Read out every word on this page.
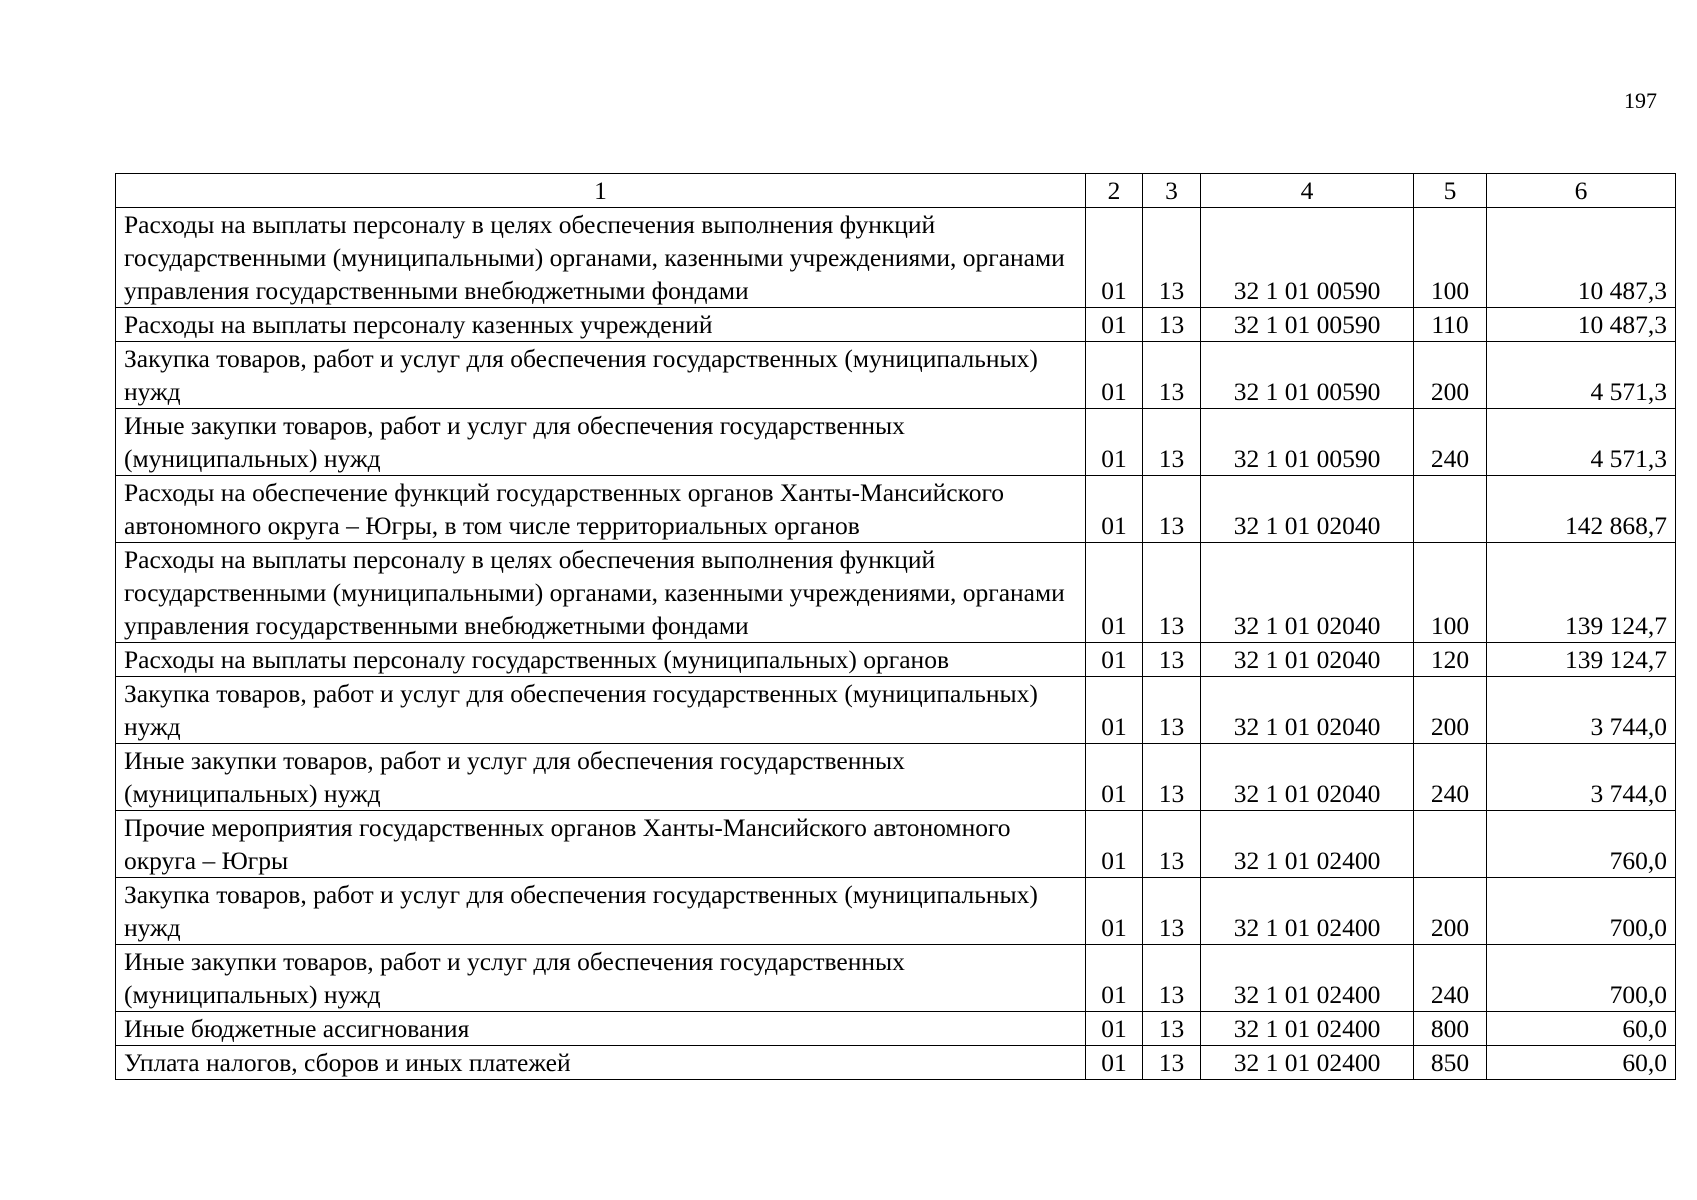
197
1	2	3	4	5	6
Расходы на выплаты персоналу в целях обеспечения выполнения функций государственными (муниципальными) органами, казенными учреждениями, органами управления государственными внебюджетными фондами	01	13	32 1 01 00590	100	10 487,3
Расходы на выплаты персоналу казенных учреждений	01	13	32 1 01 00590	110	10 487,3
Закупка товаров, работ и услуг для обеспечения государственных (муниципальных) нужд	01	13	32 1 01 00590	200	4 571,3
Иные закупки товаров, работ и услуг для обеспечения государственных (муниципальных) нужд	01	13	32 1 01 00590	240	4 571,3
Расходы на обеспечение функций государственных органов Ханты-Мансийского автономного округа – Югры, в том числе территориальных органов	01	13	32 1 01 02040		142 868,7
Расходы на выплаты персоналу в целях обеспечения выполнения функций государственными (муниципальными) органами, казенными учреждениями, органами управления государственными внебюджетными фондами	01	13	32 1 01 02040	100	139 124,7
Расходы на выплаты персоналу государственных (муниципальных) органов	01	13	32 1 01 02040	120	139 124,7
Закупка товаров, работ и услуг для обеспечения государственных (муниципальных) нужд	01	13	32 1 01 02040	200	3 744,0
Иные закупки товаров, работ и услуг для обеспечения государственных (муниципальных) нужд	01	13	32 1 01 02040	240	3 744,0
Прочие мероприятия государственных органов Ханты-Мансийского автономного округа – Югры	01	13	32 1 01 02400		760,0
Закупка товаров, работ и услуг для обеспечения государственных (муниципальных) нужд	01	13	32 1 01 02400	200	700,0
Иные закупки товаров, работ и услуг для обеспечения государственных (муниципальных) нужд	01	13	32 1 01 02400	240	700,0
Иные бюджетные ассигнования	01	13	32 1 01 02400	800	60,0
Уплата налогов, сборов и иных платежей	01	13	32 1 01 02400	850	60,0
